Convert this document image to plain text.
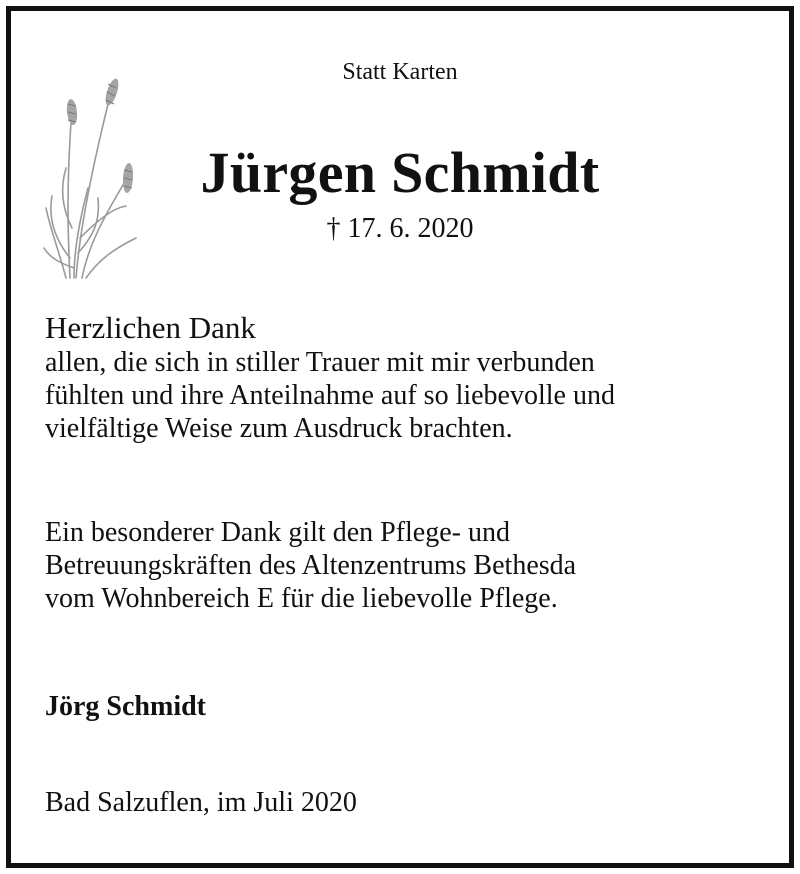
Statt Karten
Jürgen Schmidt
† 17. 6. 2020
Herzlichen Dank
allen, die sich in stiller Trauer mit mir verbunden
fühlten und ihre Anteilnahme auf so liebevolle und
vielfältige Weise zum Ausdruck brachten.
Ein besonderer Dank gilt den Pflege- und
Betreuungskräften des Altenzentrums Bethesda
vom Wohnbereich E für die liebevolle Pflege.
Jörg Schmidt
Bad Salzuflen, im Juli 2020
